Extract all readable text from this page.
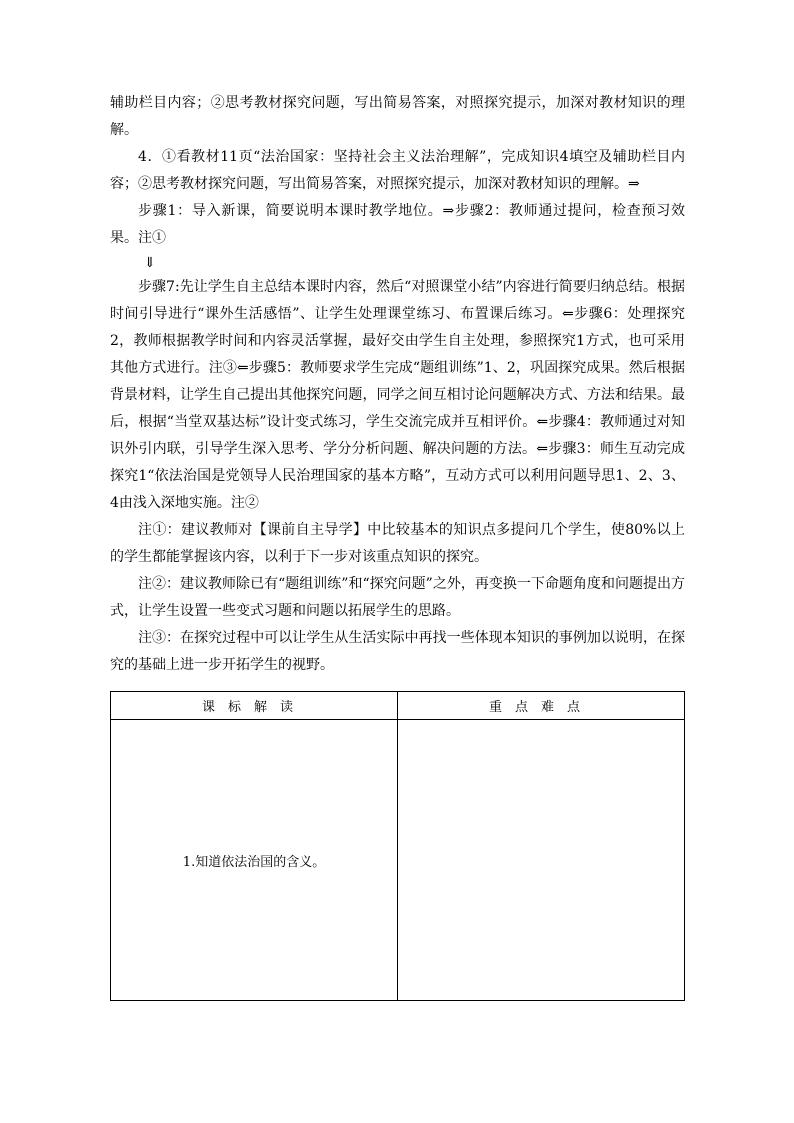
辅助栏目内容；②思考教材探究问题，写出简易答案，对照探究提示，加深对教材知识的理解。

4．①看教材11页“法治国家：坚持社会主义法治理解”，完成知识4填空及辅助栏目内容；②思考教材探究问题，写出简易答案，对照探究提示，加深对教材知识的理解。⇒

步骤1：导入新课，简要说明本课时教学地位。⇒步骤2：教师通过提问，检查预习效果。注①

⇓

步骤7:先让学生自主总结本课时内容，然后“对照课堂小结”内容进行简要归纳总结。根据时间引导进行“课外生活感悟”、让学生处理课堂练习、布置课后练习。⇐步骤6：处理探究2，教师根据教学时间和内容灵活掌握，最好交由学生自主处理，参照探究1方式，也可采用其他方式进行。注③⇐步骤5：教师要求学生完成“题组训练”1、2，巩固探究成果。然后根据背景材料，让学生自己提出其他探究问题，同学之间互相讨论问题解决方式、方法和结果。最后，根据“当堂双基达标”设计变式练习，学生交流完成并互相评价。⇐步骤4：教师通过对知识外引内联，引导学生深入思考、学分分析问题、解决问题的方法。⇐步骤3：师生互动完成探究1“依法治国是党领导人民治理国家的基本方略”，互动方式可以利用问题导思1、2、3、4由浅入深地实施。注②

注①：建议教师对【课前自主导学】中比较基本的知识点多提问几个学生，使80%以上的学生都能掌握该内容，以利于下一步对该重点知识的探究。

注②：建议教师除已有“题组训练”和“探究问题”之外，再变换一下命题角度和问题提出方式，让学生设置一些变式习题和问题以拓展学生的思路。

注③：在探究过程中可以让学生从生活实际中再找一些体现本知识的事例加以说明，在探究的基础上进一步开拓学生的视野。

课标解读	重点难点
1.知道依法治国的含义。	
